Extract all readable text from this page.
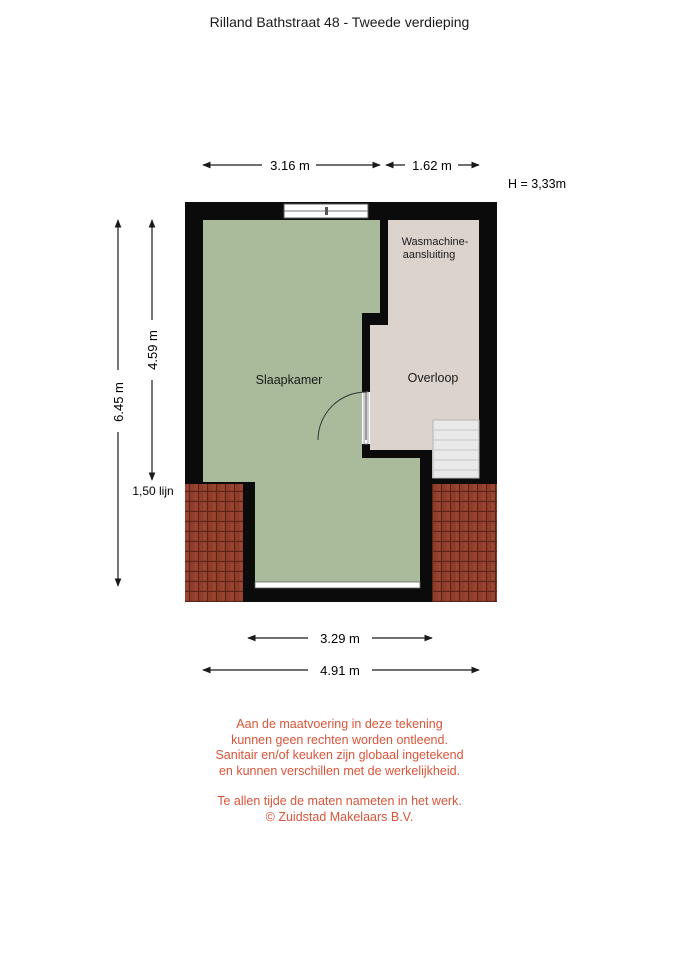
Rilland Bathstraat 48 - Tweede verdieping
Slaapkamer	Overloop
Wasmachine-
aansluiting
3.16 m	1.62 m
H = 3,33m
6.45 m
4.59 m
1,50 lijn
3.29 m
4.91 m
Aan de maatvoering in deze tekening
kunnen geen rechten worden ontleend.
Sanitair en/of keuken zijn globaal ingetekend
en kunnen verschillen met de werkelijkheid.
Te allen tijde de maten nameten in het werk.
© Zuidstad Makelaars B.V.
